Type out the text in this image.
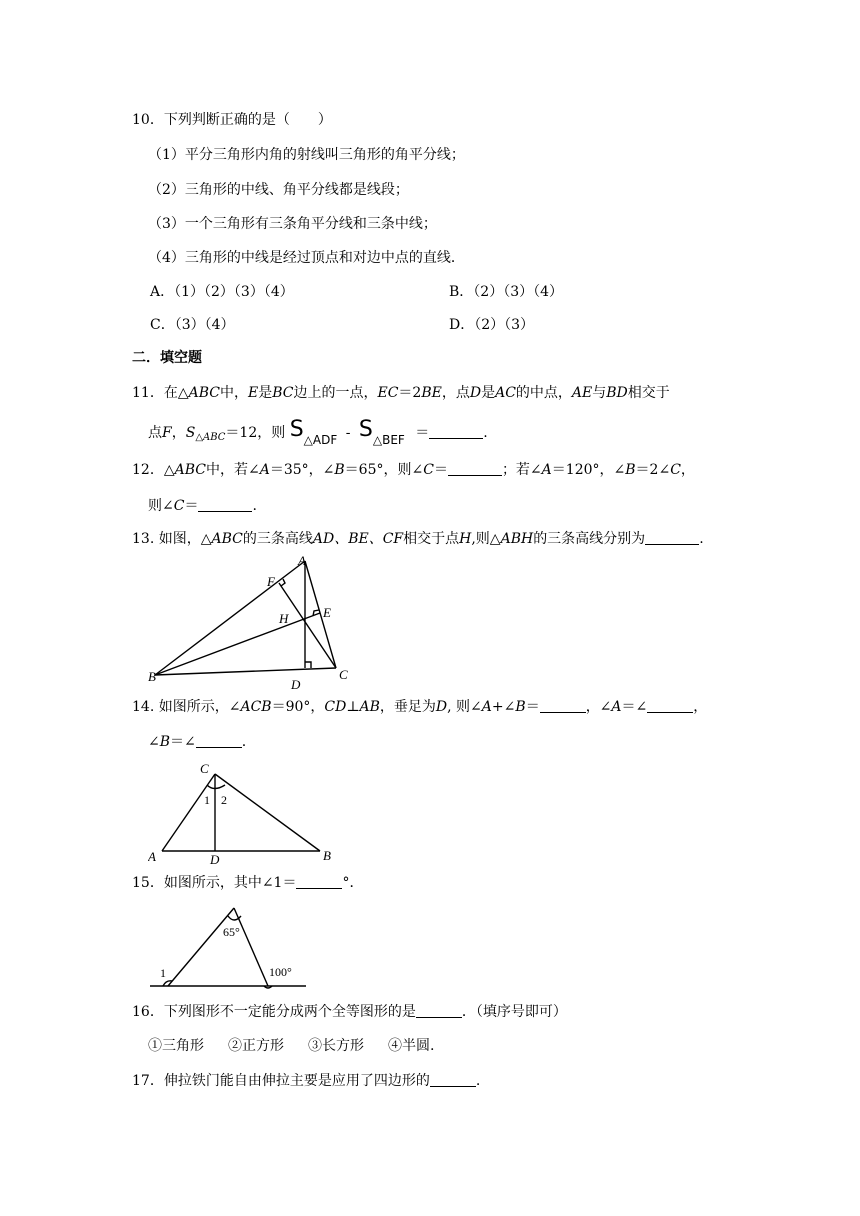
10．下列判断正确的是（　　）
（1）平分三角形内角的射线叫三角形的角平分线；
（2）三角形的中线、角平分线都是线段；
（3）一个三角形有三条角平分线和三条中线；
（4）三角形的中线是经过顶点和对边中点的直线．
A．（1）（2）（3）（4）	B．（2）（3）（4）
C．（3）（4）	D．（2）（3）
二．填空题
11．在△ABC中，E是BC边上的一点，EC＝2BE，点D是AC的中点，AE与BD相交于
点F，$S_{\triangle ABC}=12$，则 S△ADF - S△BEF ＝	.
12．△ABC中，若∠A＝35°，∠B＝65°，则∠C＝	；若∠A＝120°，∠B＝2∠C，
则∠C＝	.
13. 如图，△ABC的三条高线AD、BE、CF相交于点H,则△ABH的三条高线分别为	.
A
B	C
D
E
F
H
14. 如图所示，∠ACB＝90°，CD⊥AB，垂足为D, 则∠A+∠B＝	，∠A＝∠	，
∠B＝∠	.
C
A	D	B
1 2
15．如图所示，其中∠1＝	°．
65°
100°
1
16．下列图形不一定能分成两个全等图形的是	．（填序号即可）
①三角形 ②正方形 ③长方形 ④半圆.
17．伸拉铁门能自由伸拉主要是应用了四边形的	.
